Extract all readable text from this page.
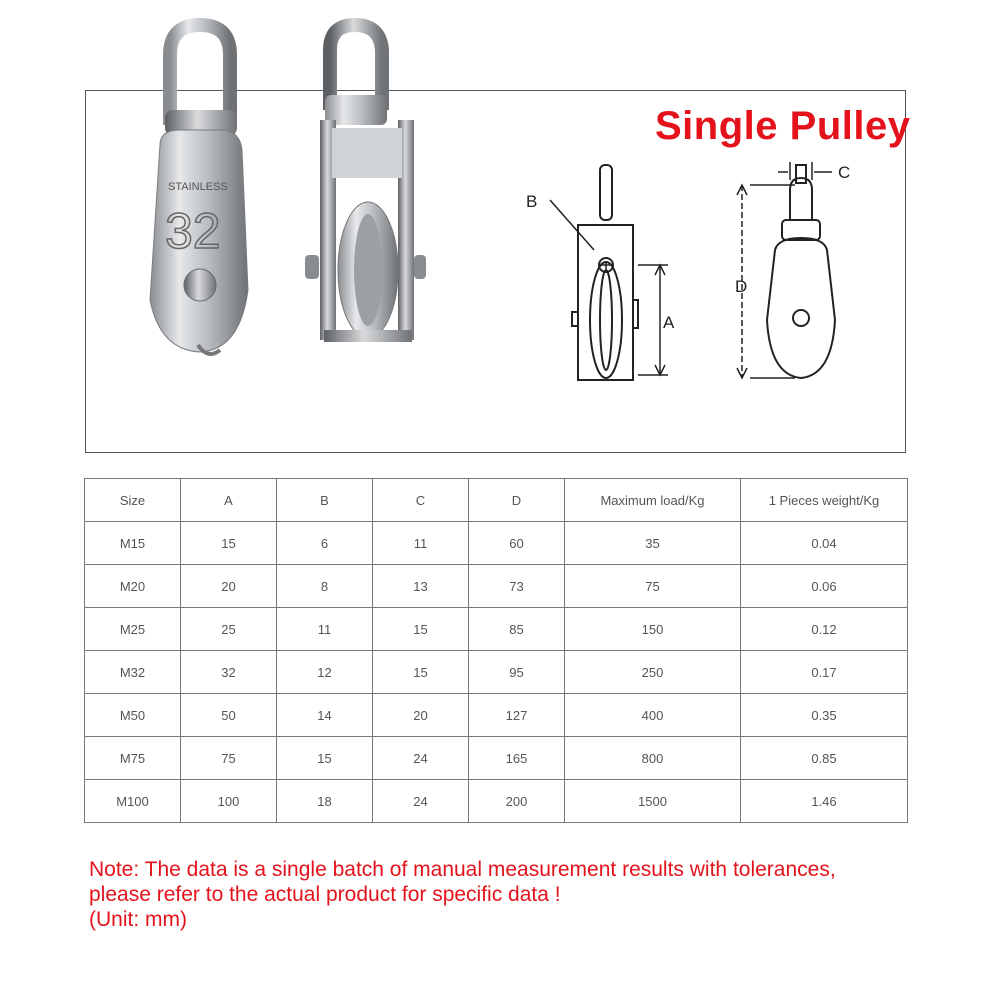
STAINLESS
32
Single Pulley
B
A
D
C
Size	A	B	C	D	Maximum load/Kg	1 Pieces weight/Kg
M15	15	6	11	60	35	0.04
M20	20	8	13	73	75	0.06
M25	25	11	15	85	150	0.12
M32	32	12	15	95	250	0.17
M50	50	14	20	127	400	0.35
M75	75	15	24	165	800	0.85
M100	100	18	24	200	1500	1.46
Note: The data is a single batch of manual measurement results with tolerances,
please refer to the actual product for specific data !
(Unit: mm)
